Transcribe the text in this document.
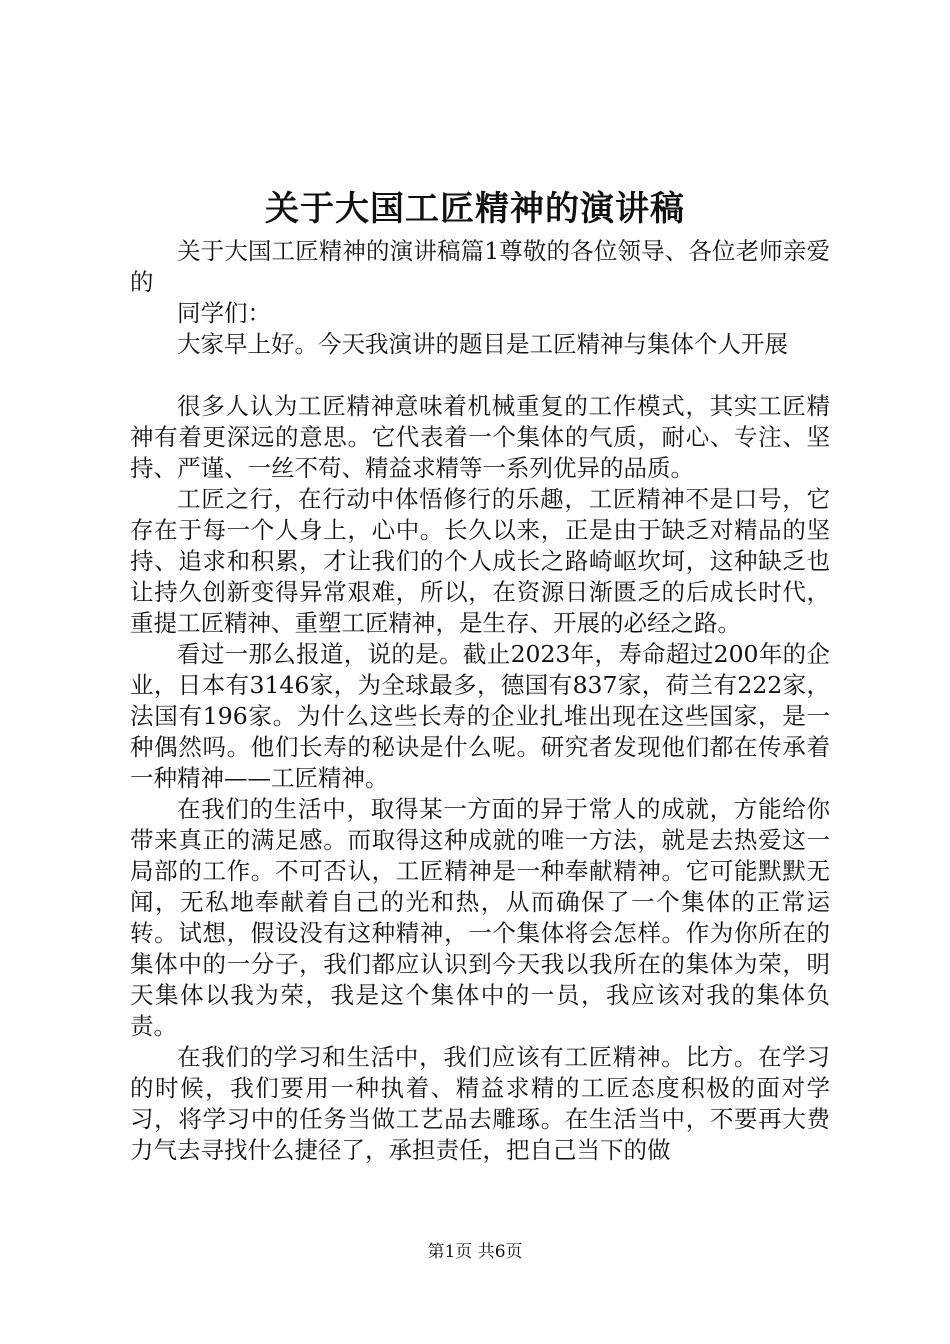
关于大国工匠精神的演讲稿

关于大国工匠精神的演讲稿篇1尊敬的各位领导、各位老师亲爱的

同学们：

大家早上好。今天我演讲的题目是工匠精神与集体个人开展

很多人认为工匠精神意味着机械重复的工作模式，其实工匠精神有着更深远的意思。它代表着一个集体的气质，耐心、专注、坚持、严谨、一丝不苟、精益求精等一系列优异的品质。

工匠之行，在行动中体悟修行的乐趣，工匠精神不是口号，它存在于每一个人身上，心中。长久以来，正是由于缺乏对精品的坚持、追求和积累，才让我们的个人成长之路崎岖坎坷，这种缺乏也让持久创新变得异常艰难，所以，在资源日渐匮乏的后成长时代，重提工匠精神、重塑工匠精神，是生存、开展的必经之路。

看过一那么报道，说的是。截止2023年，寿命超过200年的企业，日本有3146家，为全球最多，德国有837家，荷兰有222家，法国有196家。为什么这些长寿的企业扎堆出现在这些国家，是一种偶然吗。他们长寿的秘诀是什么呢。研究者发现他们都在传承着一种精神——工匠精神。

在我们的生活中，取得某一方面的异于常人的成就，方能给你带来真正的满足感。而取得这种成就的唯一方法，就是去热爱这一局部的工作。不可否认，工匠精神是一种奉献精神。它可能默默无闻，无私地奉献着自己的光和热，从而确保了一个集体的正常运转。试想，假设没有这种精神，一个集体将会怎样。作为你所在的集体中的一分子，我们都应认识到今天我以我所在的集体为荣，明天集体以我为荣，我是这个集体中的一员，我应该对我的集体负责。

在我们的学习和生活中，我们应该有工匠精神。比方。在学习的时候，我们要用一种执着、精益求精的工匠态度积极的面对学习，将学习中的任务当做工艺品去雕琢。在生活当中，不要再大费力气去寻找什么捷径了，承担责任，把自己当下的做

第1页 共6页
